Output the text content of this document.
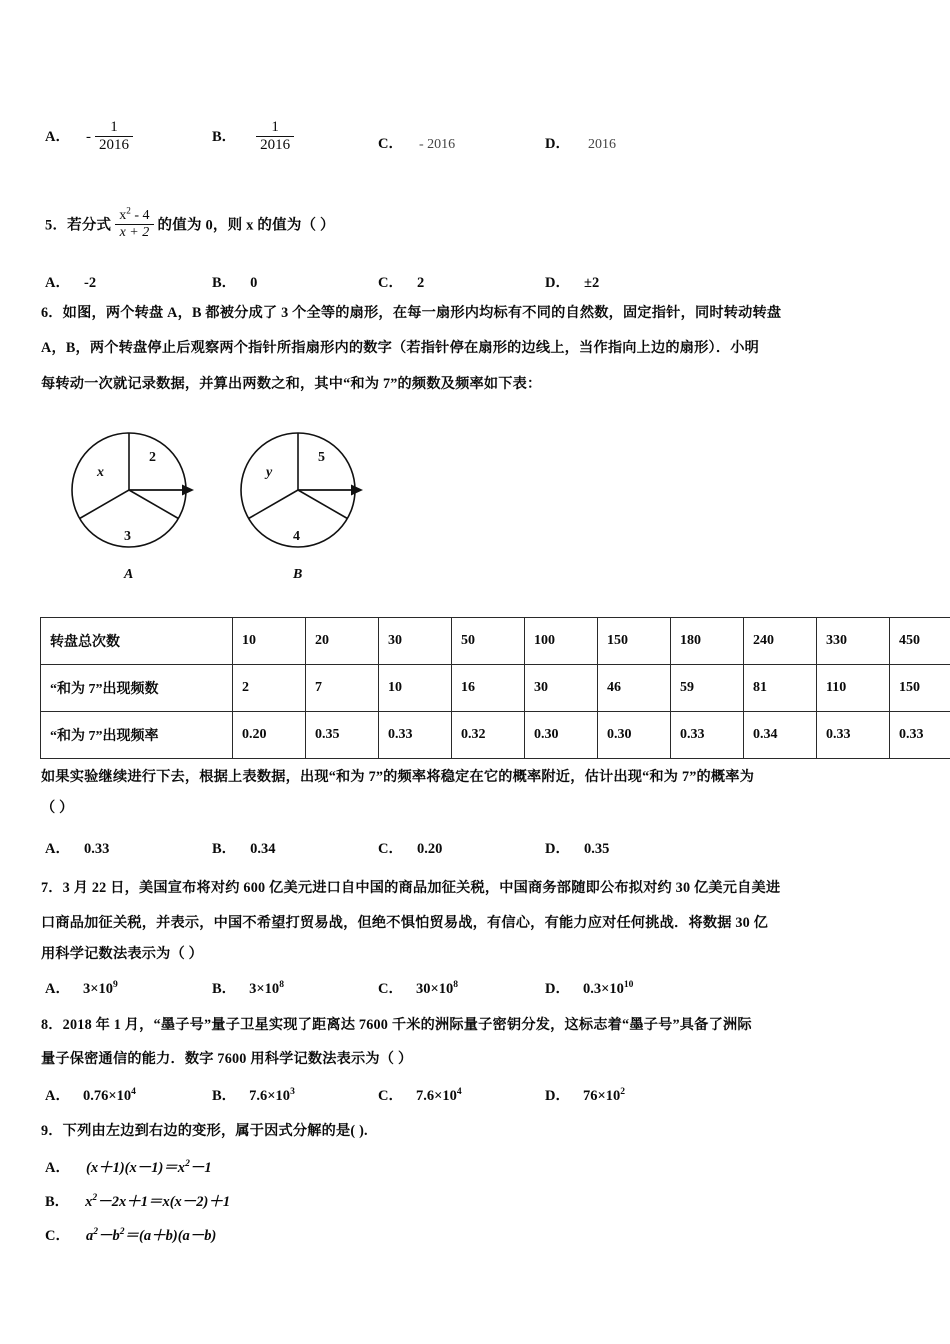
A． - $\frac{1}{2016}$	B． $\frac{1}{2016}$	C． - 2016	D． 2016
5．若分式 $\frac{x^2 - 4}{x + 2}$ 的值为 0，则 x 的值为（ ）
A． -2	B． 0	C． 2	D． ±2
6．如图，两个转盘 A，B 都被分成了 3 个全等的扇形，在每一扇形内均标有不同的自然数，固定指针，同时转动转盘
A，B，两个转盘停止后观察两个指针所指扇形内的数字（若指针停在扇形的边线上，当作指向上边的扇形）．小明
每转动一次就记录数据，并算出两数之和，其中“和为 7”的频数及频率如下表：
x
2
3
A
y
5
4
B
转盘总次数	10	20	30	50	100	150	180	240	330	450
“和为 7”出现频数	2	7	10	16	30	46	59	81	110	150
“和为 7”出现频率	0.20	0.35	0.33	0.32	0.30	0.30	0.33	0.34	0.33	0.33
如果实验继续进行下去，根据上表数据，出现“和为 7”的频率将稳定在它的概率附近，估计出现“和为 7”的概率为
（ ）
A． 0.33	B． 0.34	C． 0.20	D． 0.35
7．3 月 22 日，美国宣布将对约 600 亿美元进口自中国的商品加征关税，中国商务部随即公布拟对约 30 亿美元自美进
口商品加征关税，并表示，中国不希望打贸易战，但绝不惧怕贸易战，有信心，有能力应对任何挑战．将数据 30 亿
用科学记数法表示为（ ）
A． $3\times 10^9$	B． $3\times 10^8$	C． $30\times 10^8$	D． $0.3\times 10^{10}$
8．2018 年 1 月，“墨子号”量子卫星实现了距离达 7600 千米的洲际量子密钥分发，这标志着“墨子号”具备了洲际
量子保密通信的能力．数字 7600 用科学记数法表示为（ ）
A． $0.76\times 10^4$	B． $7.6\times 10^3$	C． $7.6\times 10^4$	D． $76\times 10^2$
9．下列由左边到右边的变形，属于因式分解的是( ).
A． $(x+1)(x-1)=x^2-1$
B． $x^2-2x+1=x(x-2)+1$
C． $a^2-b^2=(a+b)(a-b)$
